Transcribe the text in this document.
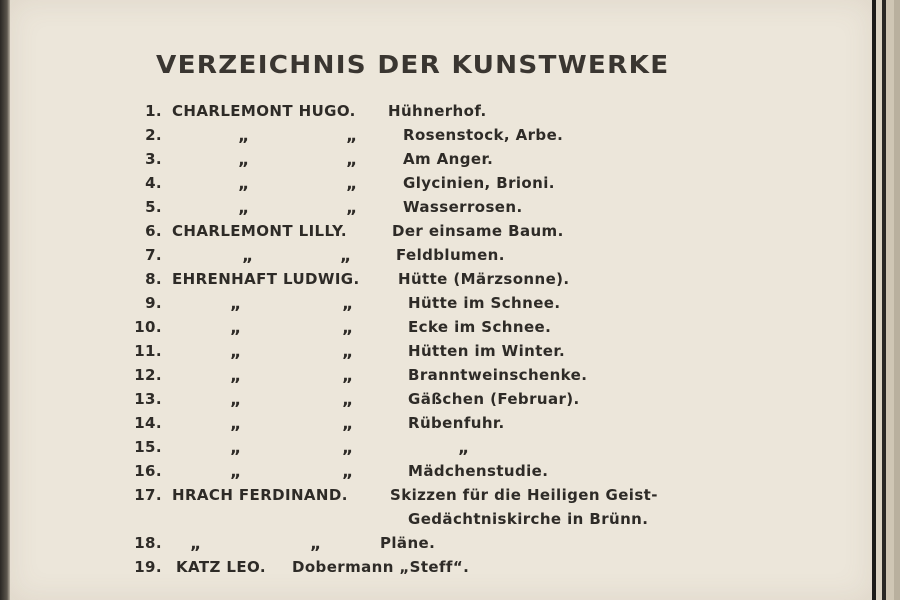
VERZEICHNIS DER KUNSTWERKE
1. CHARLEMONT HUGO. Hühnerhof.
2.	„	„	Rosenstock, Arbe.
3.	„	„	Am Anger.
4.	„	„	Glycinien, Brioni.
5.	„	„	Wasserrosen.
6. CHARLEMONT LILLY.	Der einsame Baum.
7.	„	„	Feldblumen.
8. EHRENHAFT LUDWIG.	Hütte (Märzsonne).
9.	„	„	Hütte im Schnee.
10.	„	„	Ecke im Schnee.
11.	„	„	Hütten im Winter.
12.	„	„	Branntweinschenke.
13.	„	„	Gäßchen (Februar).
14.	„	„	Rübenfuhr.
15.	„	„	„
16.	„	„	Mädchenstudie.
17. HRACH FERDINAND.	Skizzen für die Heiligen Geist-
Gedächtniskirche in Brünn.
18. „	„	Pläne.
19. KATZ LEO. Dobermann „Steff“.
